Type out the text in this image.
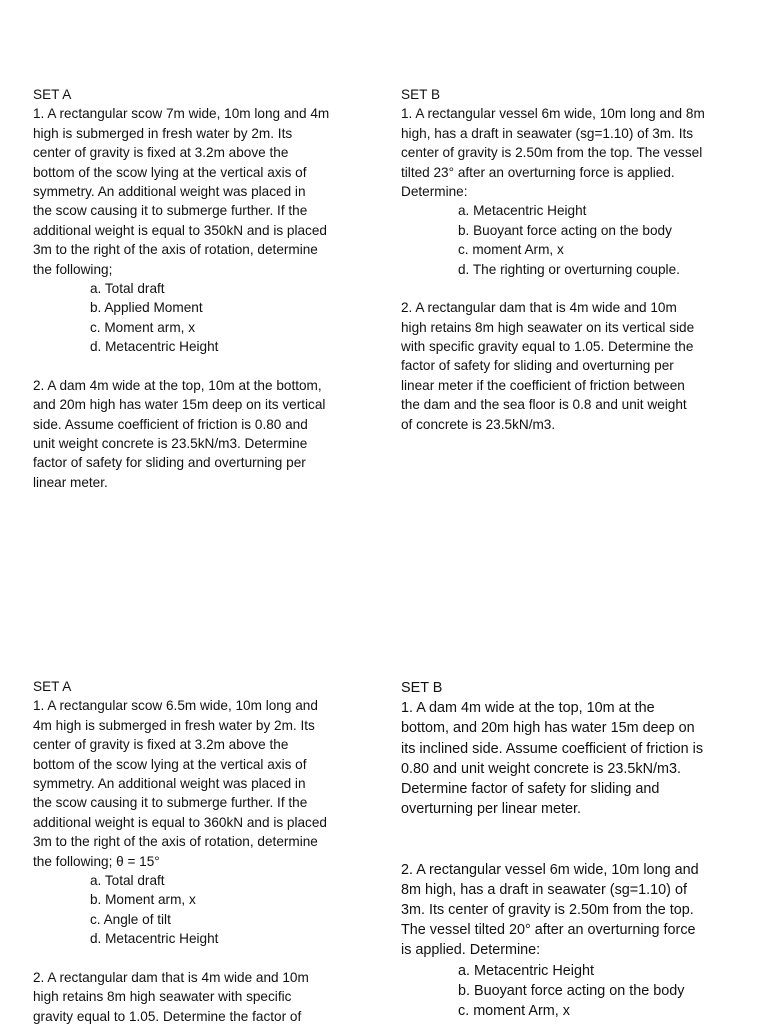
SET A
1. A rectangular scow 7m wide, 10m long and 4m
high is submerged in fresh water by 2m. Its
center of gravity is fixed at 3.2m above the
bottom of the scow lying at the vertical axis of
symmetry. An additional weight was placed in
the scow causing it to submerge further. If the
additional weight is equal to 350kN and is placed
3m to the right of the axis of rotation, determine
the following;
a. Total draft
b. Applied Moment
c. Moment arm, x
d. Metacentric Height
2. A dam 4m wide at the top, 10m at the bottom,
and 20m high has water 15m deep on its vertical
side. Assume coefficient of friction is 0.80 and
unit weight concrete is 23.5kN/m3. Determine
factor of safety for sliding and overturning per
linear meter.
SET B
1. A rectangular vessel 6m wide, 10m long and 8m
high, has a draft in seawater (sg=1.10) of 3m. Its
center of gravity is 2.50m from the top. The vessel
tilted 23° after an overturning force is applied.
Determine:
a. Metacentric Height
b. Buoyant force acting on the body
c. moment Arm, x
d. The righting or overturning couple.
2. A rectangular dam that is 4m wide and 10m
high retains 8m high seawater on its vertical side
with specific gravity equal to 1.05. Determine the
factor of safety for sliding and overturning per
linear meter if the coefficient of friction between
the dam and the sea floor is 0.8 and unit weight
of concrete is 23.5kN/m3.
SET A
1. A rectangular scow 6.5m wide, 10m long and
4m high is submerged in fresh water by 2m. Its
center of gravity is fixed at 3.2m above the
bottom of the scow lying at the vertical axis of
symmetry. An additional weight was placed in
the scow causing it to submerge further. If the
additional weight is equal to 360kN and is placed
3m to the right of the axis of rotation, determine
the following; θ = 15°
a. Total draft
b. Moment arm, x
c. Angle of tilt
d. Metacentric Height
2. A rectangular dam that is 4m wide and 10m
high retains 8m high seawater with specific
gravity equal to 1.05. Determine the factor of
SET B
1. A dam 4m wide at the top, 10m at the
bottom, and 20m high has water 15m deep on
its inclined side. Assume coefficient of friction is
0.80 and unit weight concrete is 23.5kN/m3.
Determine factor of safety for sliding and
overturning per linear meter.
2. A rectangular vessel 6m wide, 10m long and
8m high, has a draft in seawater (sg=1.10) of
3m. Its center of gravity is 2.50m from the top.
The vessel tilted 20° after an overturning force
is applied. Determine:
a. Metacentric Height
b. Buoyant force acting on the body
c. moment Arm, x
